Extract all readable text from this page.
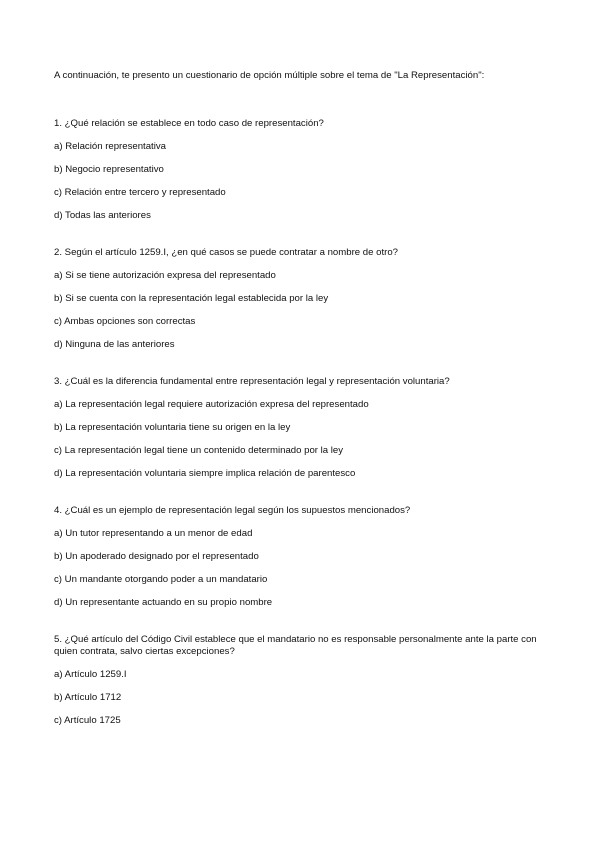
A continuación, te presento un cuestionario de opción múltiple sobre el tema de "La Representación":

1. ¿Qué relación se establece en todo caso de representación?

a) Relación representativa

b) Negocio representativo

c) Relación entre tercero y representado

d) Todas las anteriores

2. Según el artículo 1259.I, ¿en qué casos se puede contratar a nombre de otro?

a) Si se tiene autorización expresa del representado

b) Si se cuenta con la representación legal establecida por la ley

c) Ambas opciones son correctas

d) Ninguna de las anteriores

3. ¿Cuál es la diferencia fundamental entre representación legal y representación voluntaria?

a) La representación legal requiere autorización expresa del representado

b) La representación voluntaria tiene su origen en la ley

c) La representación legal tiene un contenido determinado por la ley

d) La representación voluntaria siempre implica relación de parentesco

4. ¿Cuál es un ejemplo de representación legal según los supuestos mencionados?

a) Un tutor representando a un menor de edad

b) Un apoderado designado por el representado

c) Un mandante otorgando poder a un mandatario

d) Un representante actuando en su propio nombre

5. ¿Qué artículo del Código Civil establece que el mandatario no es responsable personalmente ante la parte con quien contrata, salvo ciertas excepciones?

a) Artículo 1259.I

b) Artículo 1712

c) Artículo 1725
